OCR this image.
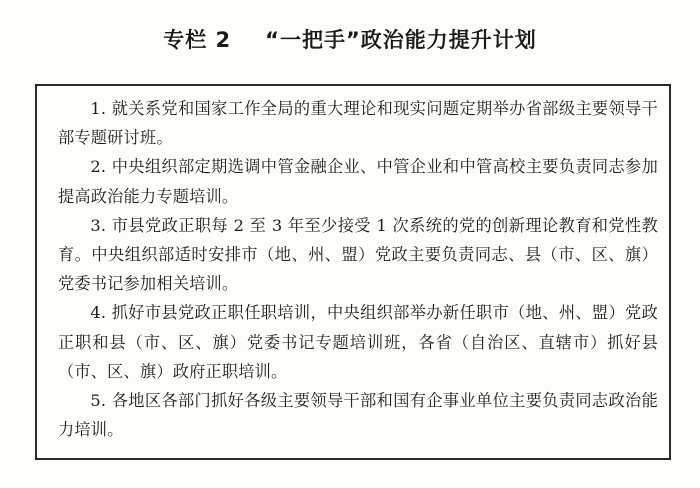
专栏 2 “一把手”政治能力提升计划

1. 就关系党和国家工作全局的重大理论和现实问题定期举办省部级主要领导干部专题研讨班。

2. 中央组织部定期选调中管金融企业、中管企业和中管高校主要负责同志参加提高政治能力专题培训。

3. 市县党政正职每 2 至 3 年至少接受 1 次系统的党的创新理论教育和党性教育。中央组织部适时安排市（地、州、盟）党政主要负责同志、县（市、区、旗）党委书记参加相关培训。

4. 抓好市县党政正职任职培训，中央组织部举办新任职市（地、州、盟）党政正职和县（市、区、旗）党委书记专题培训班，各省（自治区、直辖市）抓好县（市、区、旗）政府正职培训。

5. 各地区各部门抓好各级主要领导干部和国有企事业单位主要负责同志政治能力培训。
